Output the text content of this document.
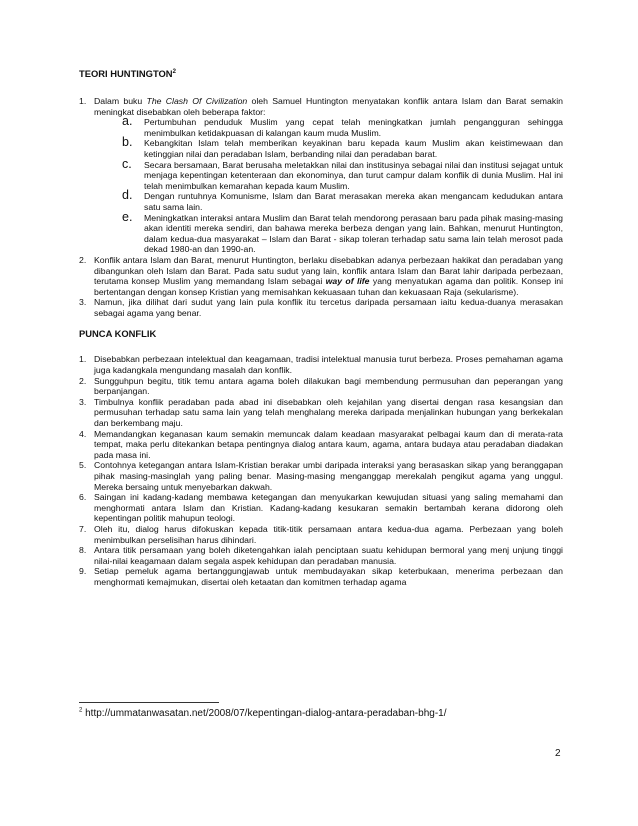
TEORI HUNTINGTON$^2$
1. Dalam buku The Clash Of Civilization oleh Samuel Huntington menyatakan konflik antara Islam dan Barat semakin meningkat disebabkan oleh beberapa faktor:
a. Pertumbuhan penduduk Muslim yang cepat telah meningkatkan jumlah pengangguran sehingga menimbulkan ketidakpuasan di kalangan kaum muda Muslim.
b. Kebangkitan Islam telah memberikan keyakinan baru kepada kaum Muslim akan keistimewaan dan ketinggian nilai dan peradaban Islam, berbanding nilai dan peradaban barat.
c. Secara bersamaan, Barat berusaha meletakkan nilai dan institusinya sebagai nilai dan institusi sejagat untuk menjaga kepentingan ketenteraan dan ekonominya, dan turut campur dalam konflik di dunia Muslim. Hal ini telah menimbulkan kemarahan kepada kaum Muslim.
d. Dengan runtuhnya Komunisme, Islam dan Barat merasakan mereka akan mengancam kedudukan antara satu sama lain.
e. Meningkatkan interaksi antara Muslim dan Barat telah mendorong perasaan baru pada pihak masing-masing akan identiti mereka sendiri, dan bahawa mereka berbeza dengan yang lain. Bahkan, menurut Huntington, dalam kedua-dua masyarakat – Islam dan Barat - sikap toleran terhadap satu sama lain telah merosot pada dekad 1980-an dan 1990-an.
2. Konflik antara Islam dan Barat, menurut Huntington, berlaku disebabkan adanya perbezaan hakikat dan peradaban yang dibangunkan oleh Islam dan Barat. Pada satu sudut yang lain, konflik antara Islam dan Barat lahir daripada perbezaan, terutama konsep Muslim yang memandang Islam sebagai way of life yang menyatukan agama dan politik. Konsep ini bertentangan dengan konsep Kristian yang memisahkan kekuasaan tuhan dan kekuasaan Raja (sekularisme).
3. Namun, jika dilihat dari sudut yang lain pula konflik itu tercetus daripada persamaan iaitu kedua-duanya merasakan sebagai agama yang benar.
PUNCA KONFLIK
1. Disebabkan perbezaan intelektual dan keagamaan, tradisi intelektual manusia turut berbeza. Proses pemahaman agama juga kadangkala mengundang masalah dan konflik.
2. Sungguhpun begitu, titik temu antara agama boleh dilakukan bagi membendung permusuhan dan peperangan yang berpanjangan.
3. Timbulnya konflik peradaban pada abad ini disebabkan oleh kejahilan yang disertai dengan rasa kesangsian dan permusuhan terhadap satu sama lain yang telah menghalang mereka daripada menjalinkan hubungan yang berkekalan dan berkembang maju.
4. Memandangkan keganasan kaum semakin memuncak dalam keadaan masyarakat pelbagai kaum dan di merata-rata tempat, maka perlu ditekankan betapa pentingnya dialog antara kaum, agama, antara budaya atau peradaban diadakan pada masa ini.
5. Contohnya ketegangan antara Islam-Kristian berakar umbi daripada interaksi yang berasaskan sikap yang beranggapan pihak masing-masinglah yang paling benar. Masing-masing menganggap merekalah pengikut agama yang unggul. Mereka bersaing untuk menyebarkan dakwah.
6. Saingan ini kadang-kadang membawa ketegangan dan menyukarkan kewujudan situasi yang saling memahami dan menghormati antara Islam dan Kristian. Kadang-kadang kesukaran semakin bertambah kerana didorong oleh kepentingan politik mahupun teologi.
7. Oleh itu, dialog harus difokuskan kepada titik-titik persamaan antara kedua-dua agama. Perbezaan yang boleh menimbulkan perselisihan harus dihindari.
8. Antara titik persamaan yang boleh diketengahkan ialah penciptaan suatu kehidupan bermoral yang menj unjung tinggi nilai-nilai keagamaan dalam segala aspek kehidupan dan peradaban manusia.
9. Setiap pemeluk agama bertanggungjawab untuk membudayakan sikap keterbukaan, menerima perbezaan dan menghormati kemajmukan, disertai oleh ketaatan dan komitmen terhadap agama
$^2$ http://ummatanwasatan.net/2008/07/kepentingan-dialog-antara-peradaban-bhg-1/
2
